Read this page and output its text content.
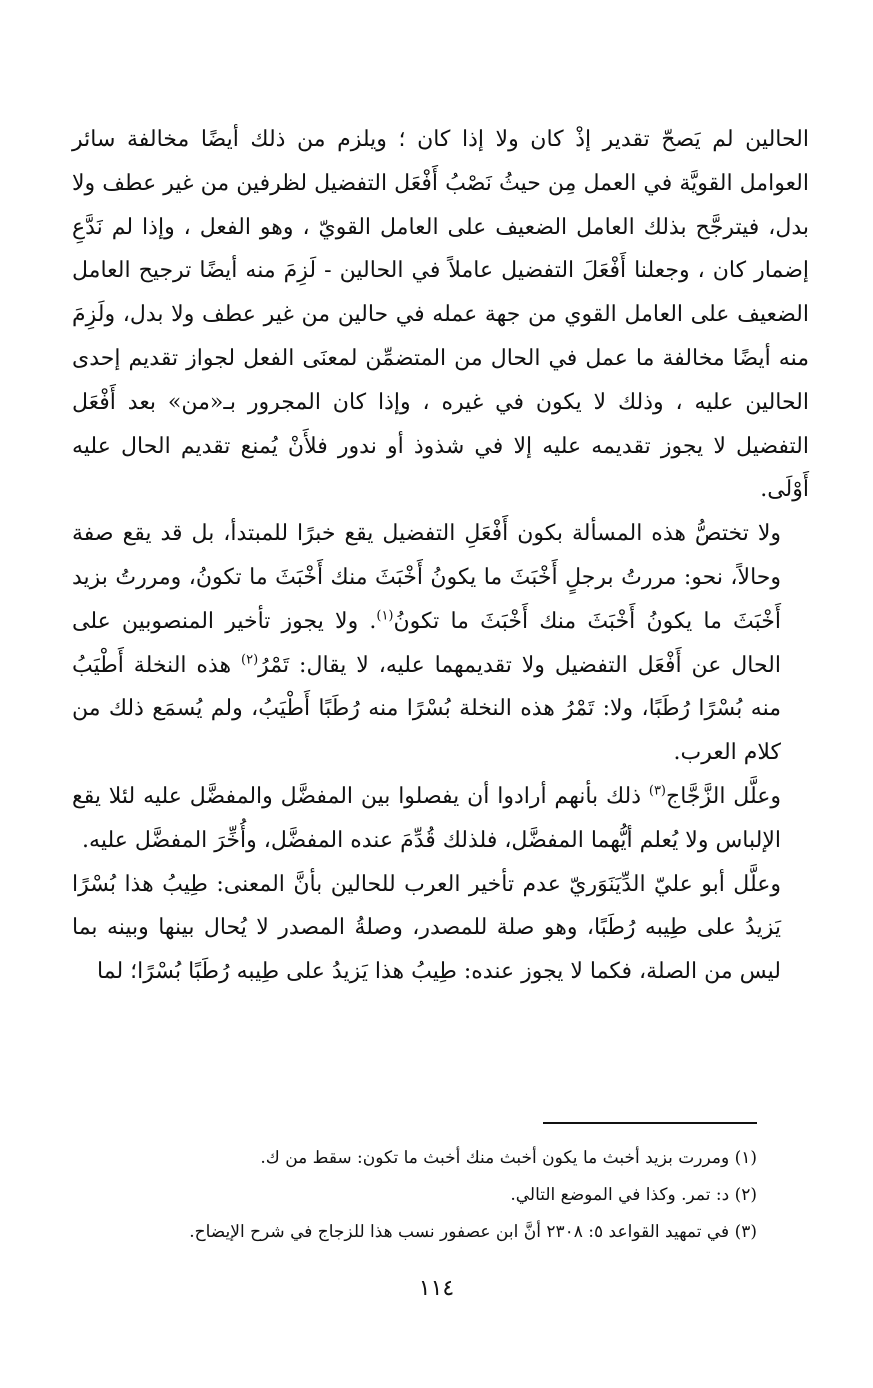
الحالين لم يَصحّ تقدير إذْ كان ولا إذا كان ؛ ويلزم من ذلك أيضًا مخالفة سائر العوامل القويَّة في العمل مِن حيثُ نَصْبُ أَفْعَل التفضيل لظرفين من غير عطف ولا بدل، فيترجَّح بذلك العامل الضعيف على العامل القويّ ، وهو الفعل ، وإذا لم نَدَّعِ إضمار كان ، وجعلنا أَفْعَلَ التفضيل عاملاً في الحالين - لَزِمَ منه أيضًا ترجيح العامل الضعيف على العامل القوي من جهة عمله في حالين من غير عطف ولا بدل، ولَزِمَ منه أيضًا مخالفة ما عمل في الحال من المتضمِّن لمعنَى الفعل لجواز تقديم إحدى الحالين عليه ، وذلك لا يكون في غيره ، وإذا كان المجرور بـ«من» بعد أَفْعَل التفضيل لا يجوز تقديمه عليه إلا في شذوذ أو ندور فلأَنْ يُمنع تقديم الحال عليه أَوْلَى.

ولا تختصُّ هذه المسألة بكون أَفْعَلِ التفضيل يقع خبرًا للمبتدأ، بل قد يقع صفة وحالاً، نحو: مررتُ برجلٍ أَخْبَثَ ما يكونُ أَخْبَثَ منك أَخْبَثَ ما تكونُ، ومررتُ بزيد أَخْبَثَ ما يكونُ أَخْبَثَ منك أَخْبَثَ ما تكونُ$^{(١)}$. ولا يجوز تأخير المنصوبين على الحال عن أَفْعَل التفضيل ولا تقديمهما عليه، لا يقال: تَمْرُ$^{(٢)}$ هذه النخلة أَطْيَبُ منه بُسْرًا رُطَبًا، ولا: تَمْرُ هذه النخلة بُسْرًا منه رُطَبًا أَطْيَبُ، ولم يُسمَع ذلك من كلام العرب.

وعلَّل الزَّجَّاج$^{(٣)}$ ذلك بأنهم أرادوا أن يفصلوا بين المفضَّل والمفضَّل عليه لئلا يقع الإلباس ولا يُعلم أيُّهما المفضَّل، فلذلك قُدِّمَ عنده المفضَّل، وأُخِّرَ المفضَّل عليه.

وعلَّل أبو عليّ الدِّيَنَوَريّ عدم تأخير العرب للحالين بأنَّ المعنى: طِيبُ هذا بُسْرًا يَزيدُ على طِيبه رُطَبًا، وهو صلة للمصدر، وصلةُ المصدر لا يُحال بينها وبينه بما ليس من الصلة، فكما لا يجوز عنده: طِيبُ هذا يَزيدُ على طِيبه رُطَبًا بُسْرًا؛ لما

(١) ومررت بزيد أخبث ما يكون أخبث منك أخبث ما تكون: سقط من ك.
(٢) د: تمر. وكذا في الموضع التالي.
(٣) في تمهيد القواعد ٥: ٢٣٠٨ أنَّ ابن عصفور نسب هذا للزجاج في شرح الإيضاح.
١١٤
